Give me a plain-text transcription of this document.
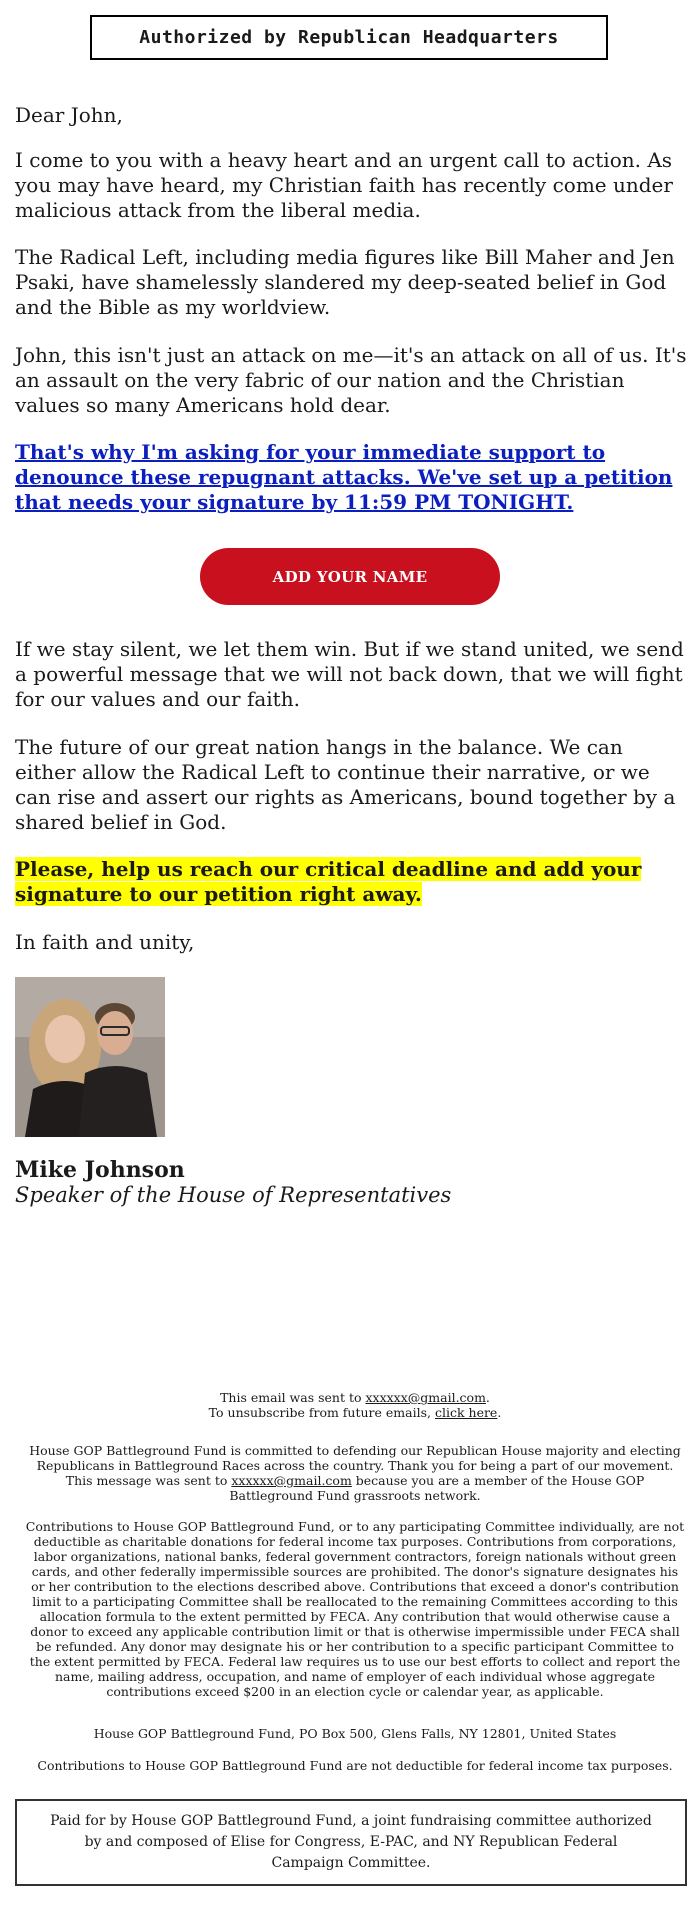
Authorized by Republican Headquarters

Dear John,

I come to you with a heavy heart and an urgent call to action. As you may have heard, my Christian faith has recently come under malicious attack from the liberal media.

The Radical Left, including media figures like Bill Maher and Jen Psaki, have shamelessly slandered my deep-seated belief in God and the Bible as my worldview.

John, this isn't just an attack on me—it's an attack on all of us. It's an assault on the very fabric of our nation and the Christian values so many Americans hold dear.

That's why I'm asking for your immediate support to denounce these repugnant attacks. We've set up a petition that needs your signature by 11:59 PM TONIGHT.

ADD YOUR NAME

If we stay silent, we let them win. But if we stand united, we send a powerful message that we will not back down, that we will fight for our values and our faith.

The future of our great nation hangs in the balance. We can either allow the Radical Left to continue their narrative, or we can rise and assert our rights as Americans, bound together by a shared belief in God.

Please, help us reach our critical deadline and add your signature to our petition right away.

In faith and unity,

Mike Johnson
Speaker of the House of Representatives

This email was sent to xxxxxx@gmail.com.
To unsubscribe from future emails, click here.

House GOP Battleground Fund is committed to defending our Republican House majority and electing Republicans in Battleground Races across the country. Thank you for being a part of our movement. This message was sent to xxxxxx@gmail.com because you are a member of the House GOP Battleground Fund grassroots network.

Contributions to House GOP Battleground Fund, or to any participating Committee individually, are not deductible as charitable donations for federal income tax purposes. Contributions from corporations, labor organizations, national banks, federal government contractors, foreign nationals without green cards, and other federally impermissible sources are prohibited. The donor's signature designates his or her contribution to the elections described above. Contributions that exceed a donor's contribution limit to a participating Committee shall be reallocated to the remaining Committees according to this allocation formula to the extent permitted by FECA. Any contribution that would otherwise cause a donor to exceed any applicable contribution limit or that is otherwise impermissible under FECA shall be refunded. Any donor may designate his or her contribution to a specific participant Committee to the extent permitted by FECA. Federal law requires us to use our best efforts to collect and report the name, mailing address, occupation, and name of employer of each individual whose aggregate contributions exceed $200 in an election cycle or calendar year, as applicable.

House GOP Battleground Fund, PO Box 500, Glens Falls, NY 12801, United States

Contributions to House GOP Battleground Fund are not deductible for federal income tax purposes.

Paid for by House GOP Battleground Fund, a joint fundraising committee authorized by and composed of Elise for Congress, E-PAC, and NY Republican Federal Campaign Committee.
